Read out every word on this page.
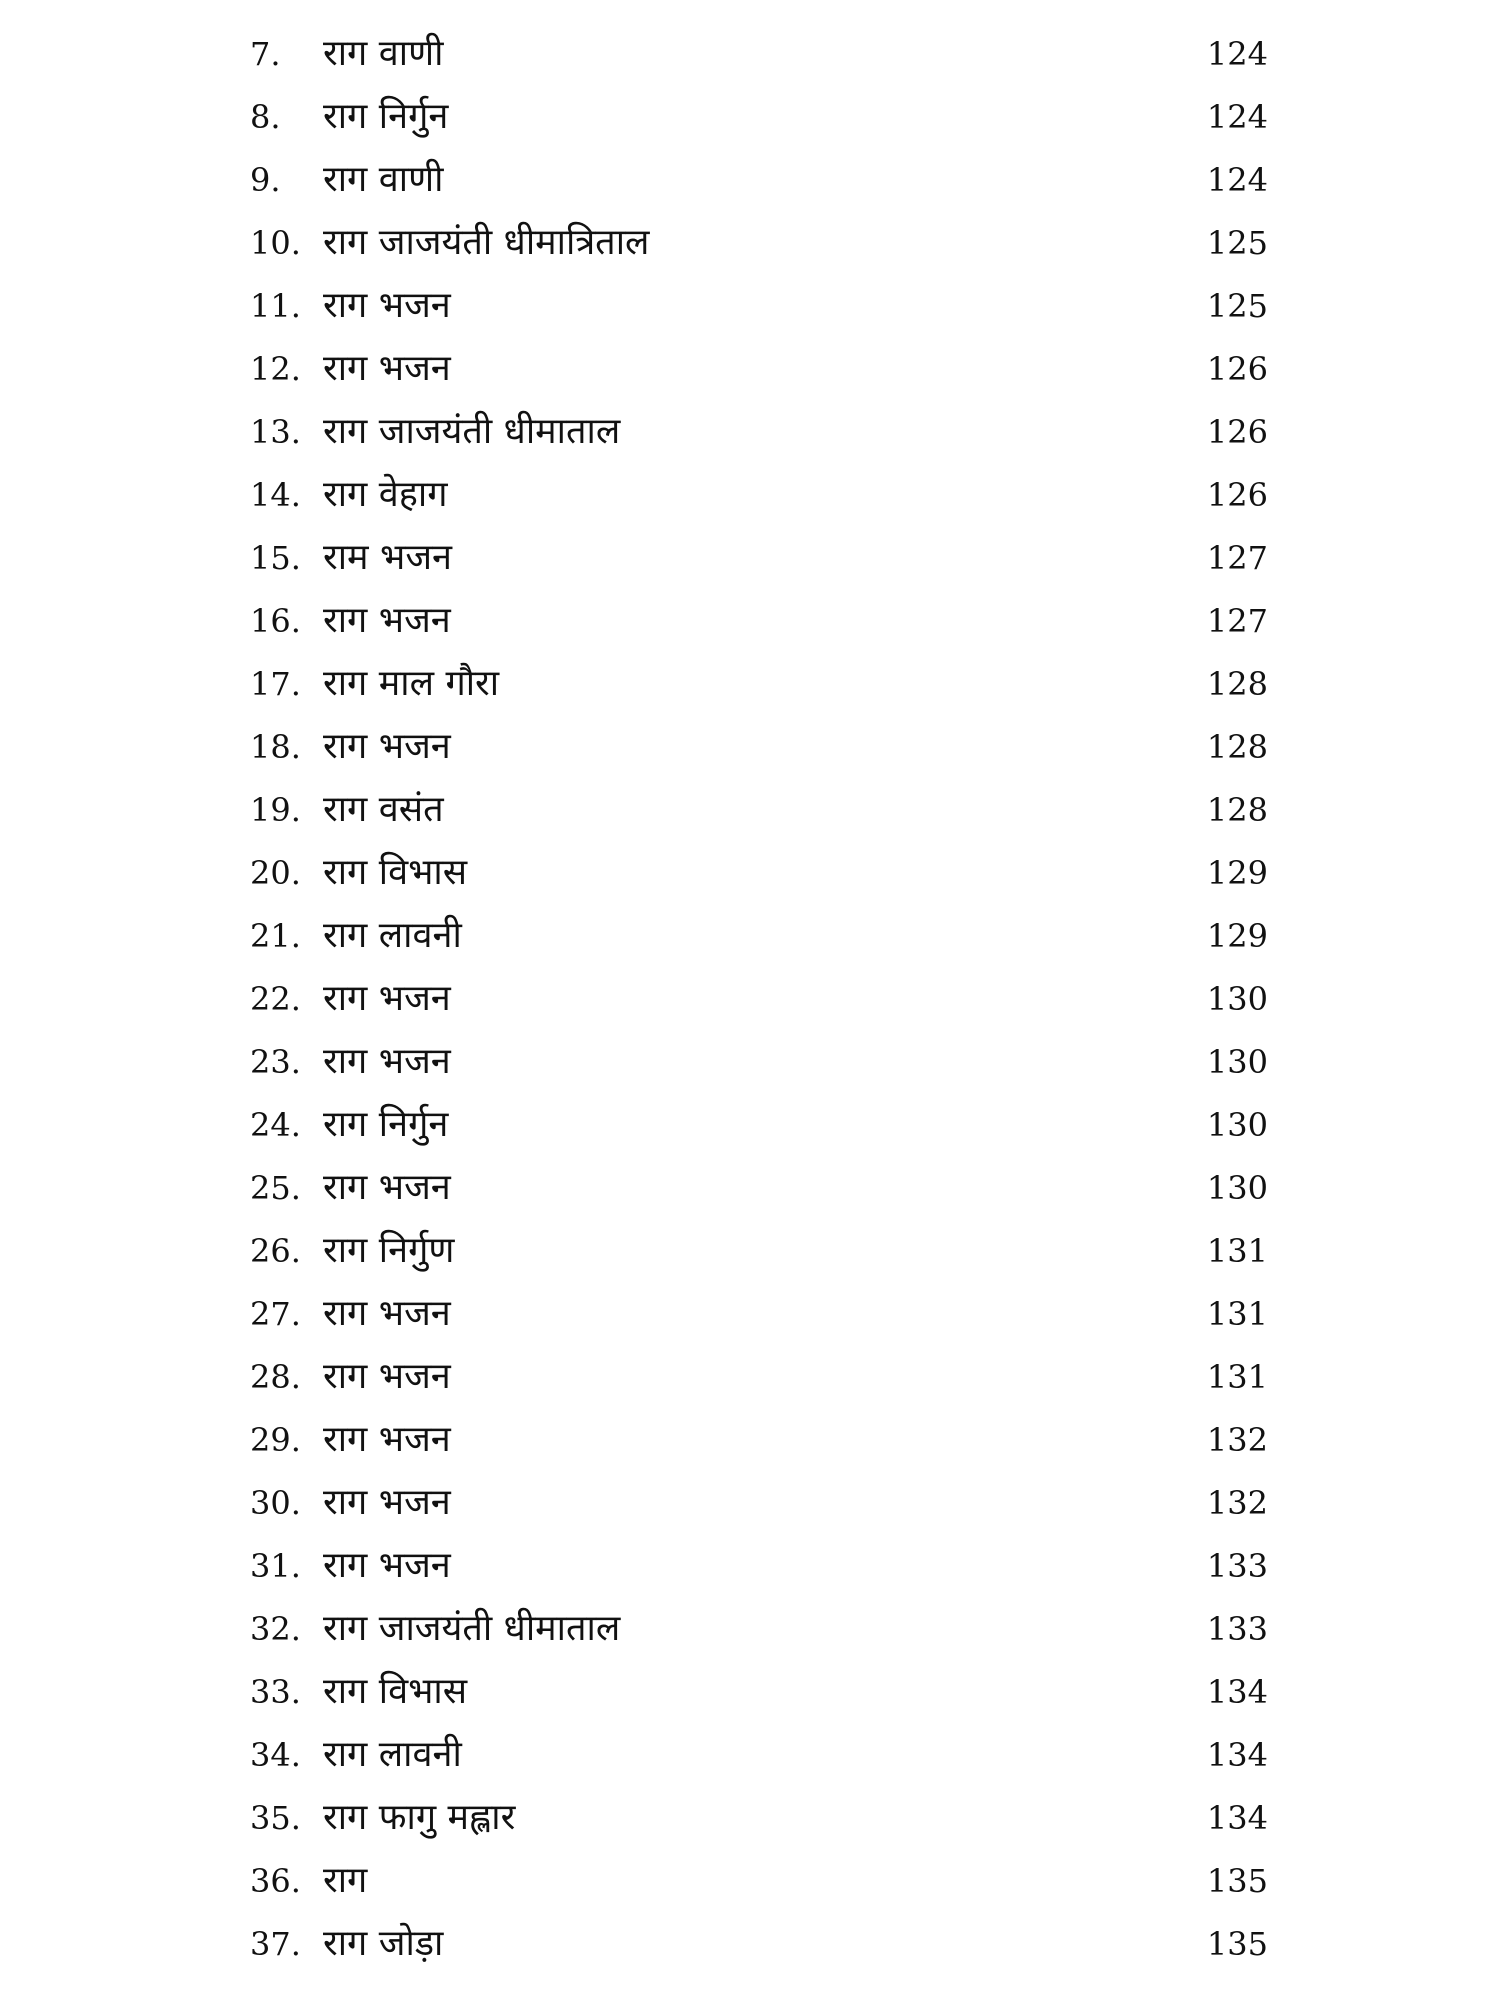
7. राग वाणी	124
8. राग निर्गुन	124
9. राग वाणी	124
10. राग जाजयंती धीमात्रिताल	125
11. राग भजन	125
12. राग भजन	126
13. राग जाजयंती धीमाताल	126
14. राग वेहाग	126
15. राम भजन	127
16. राग भजन	127
17. राग माल गौरा	128
18. राग भजन	128
19. राग वसंत	128
20. राग विभास	129
21. राग लावनी	129
22. राग भजन	130
23. राग भजन	130
24. राग निर्गुन	130
25. राग भजन	130
26. राग निर्गुण	131
27. राग भजन	131
28. राग भजन	131
29. राग भजन	132
30. राग भजन	132
31. राग भजन	133
32. राग जाजयंती धीमाताल	133
33. राग विभास	134
34. राग लावनी	134
35. राग फागु मह्लार	134
36. राग	135
37. राग जोड़ा	135
